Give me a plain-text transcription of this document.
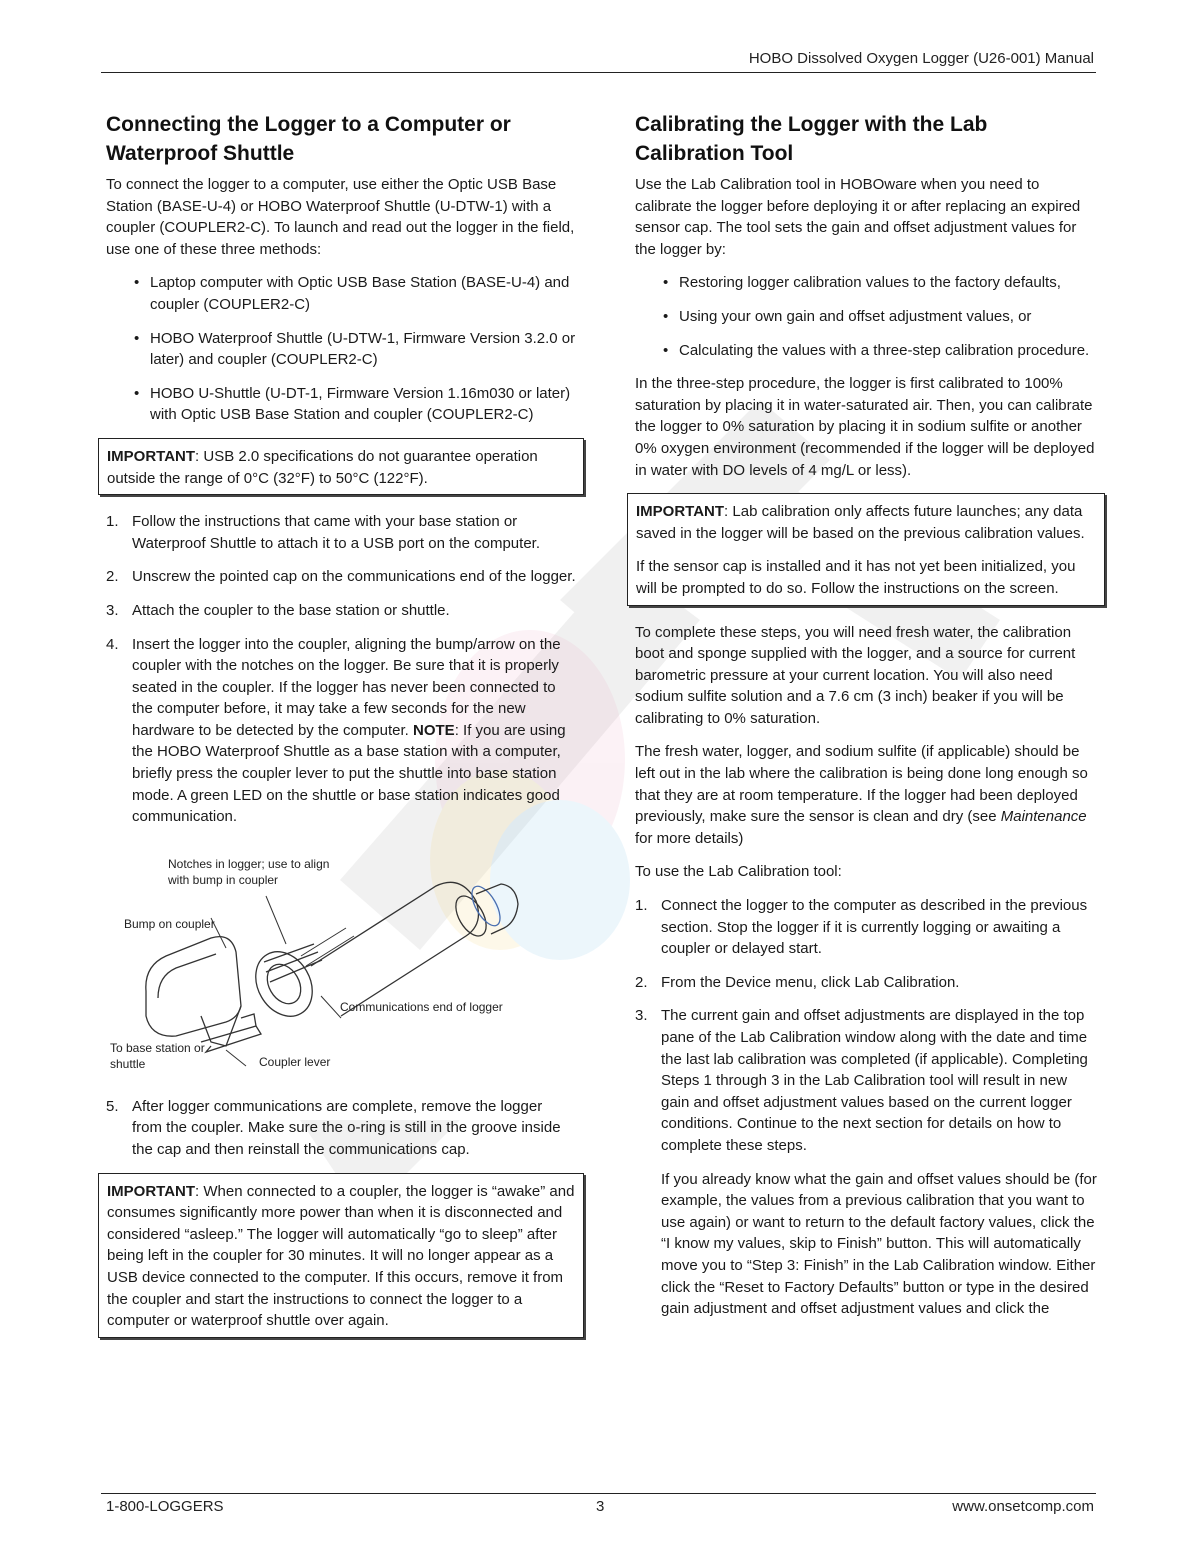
HOBO Dissolved Oxygen Logger (U26-001) Manual
Connecting the Logger to a Computer or Waterproof Shuttle

To connect the logger to a computer, use either the Optic USB Base Station (BASE-U-4) or HOBO Waterproof Shuttle (U-DTW-1) with a coupler (COUPLER2-C). To launch and read out the logger in the field, use one of these three methods:

• Laptop computer with Optic USB Base Station (BASE-U-4) and coupler (COUPLER2-C)
• HOBO Waterproof Shuttle (U-DTW-1, Firmware Version 3.2.0 or later) and coupler (COUPLER2-C)
• HOBO U-Shuttle (U-DT-1, Firmware Version 1.16m030 or later) with Optic USB Base Station and coupler (COUPLER2-C)

IMPORTANT: USB 2.0 specifications do not guarantee operation outside the range of 0°C (32°F) to 50°C (122°F).

1. Follow the instructions that came with your base station or Waterproof Shuttle to attach it to a USB port on the computer.
2. Unscrew the pointed cap on the communications end of the logger.
3. Attach the coupler to the base station or shuttle.
4. Insert the logger into the coupler, aligning the bump/arrow on the coupler with the notches on the logger. Be sure that it is properly seated in the coupler. If the logger has never been connected to the computer before, it may take a few seconds for the new hardware to be detected by the computer. NOTE: If you are using the HOBO Waterproof Shuttle as a base station with a computer, briefly press the coupler lever to put the shuttle into base station mode. A green LED on the shuttle or base station indicates good communication.
Notches in logger; use to align with bump in coupler
Bump on coupler
Communications end of logger
To base station or shuttle	Coupler lever
5. After logger communications are complete, remove the logger from the coupler. Make sure the o-ring is still in the groove inside the cap and then reinstall the communications cap.

IMPORTANT: When connected to a coupler, the logger is “awake” and consumes significantly more power than when it is disconnected and considered “asleep.” The logger will automatically “go to sleep” after being left in the coupler for 30 minutes. It will no longer appear as a USB device connected to the computer. If this occurs, remove it from the coupler and start the instructions to connect the logger to a computer or waterproof shuttle over again.

Calibrating the Logger with the Lab Calibration Tool

Use the Lab Calibration tool in HOBOware when you need to calibrate the logger before deploying it or after replacing an expired sensor cap. The tool sets the gain and offset adjustment values for the logger by:

• Restoring logger calibration values to the factory defaults,
• Using your own gain and offset adjustment values, or
• Calculating the values with a three-step calibration procedure.

In the three-step procedure, the logger is first calibrated to 100% saturation by placing it in water-saturated air. Then, you can calibrate the logger to 0% saturation by placing it in sodium sulfite or another 0% oxygen environment (recommended if the logger will be deployed in water with DO levels of 4 mg/L or less).

IMPORTANT: Lab calibration only affects future launches; any data saved in the logger will be based on the previous calibration values.

If the sensor cap is installed and it has not yet been initialized, you will be prompted to do so. Follow the instructions on the screen.

To complete these steps, you will need fresh water, the calibration boot and sponge supplied with the logger, and a source for current barometric pressure at your current location. You will also need sodium sulfite solution and a 7.6 cm (3 inch) beaker if you will be calibrating to 0% saturation.

The fresh water, logger, and sodium sulfite (if applicable) should be left out in the lab where the calibration is being done long enough so that they are at room temperature. If the logger had been deployed previously, make sure the sensor is clean and dry (see Maintenance for more details)

To use the Lab Calibration tool:

1. Connect the logger to the computer as described in the previous section. Stop the logger if it is currently logging or awaiting a coupler or delayed start.
2. From the Device menu, click Lab Calibration.
3. The current gain and offset adjustments are displayed in the top pane of the Lab Calibration window along with the date and time the last lab calibration was completed (if applicable). Completing Steps 1 through 3 in the Lab Calibration tool will result in new gain and offset adjustment values based on the current logger conditions. Continue to the next section for details on how to complete these steps.

If you already know what the gain and offset values should be (for example, the values from a previous calibration that you want to use again) or want to return to the default factory values, click the “I know my values, skip to Finish” button. This will automatically move you to “Step 3: Finish” in the Lab Calibration window. Either click the “Reset to Factory Defaults” button or type in the desired gain adjustment and offset adjustment values and click the

1-800-LOGGERS	3	www.onsetcomp.com
